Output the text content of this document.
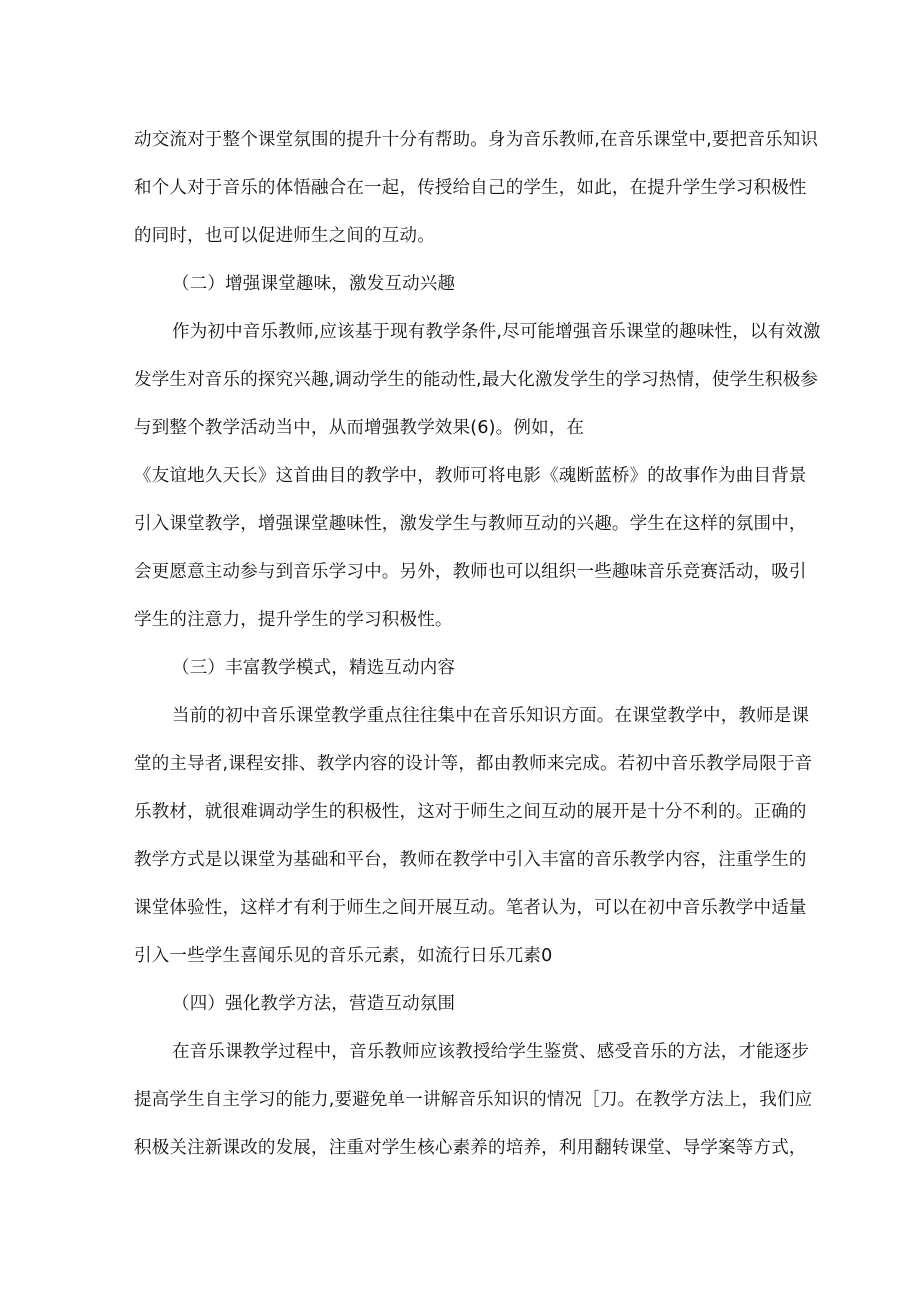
动交流对于整个课堂氛围的提升十分有帮助。身为音乐教师,在音乐课堂中,要把音乐知识
和个人对于音乐的体悟融合在一起，传授给自己的学生，如此，在提升学生学习积极性
的同时，也可以促进师生之间的互动。
（二）增强课堂趣味，激发互动兴趣
作为初中音乐教师,应该基于现有教学条件,尽可能增强音乐课堂的趣味性，以有效激
发学生对音乐的探究兴趣,调动学生的能动性,最大化激发学生的学习热情，使学生积极参
与到整个教学活动当中，从而增强教学效果(6)。例如，在
《友谊地久天长》这首曲目的教学中，教师可将电影《魂断蓝桥》的故事作为曲目背景
引入课堂教学，增强课堂趣味性，激发学生与教师互动的兴趣。学生在这样的氛围中，
会更愿意主动参与到音乐学习中。另外，教师也可以组织一些趣味音乐竞赛活动，吸引
学生的注意力，提升学生的学习积极性。
（三）丰富教学模式，精选互动内容
当前的初中音乐课堂教学重点往往集中在音乐知识方面。在课堂教学中，教师是课
堂的主导者,课程安排、教学内容的设计等，都由教师来完成。若初中音乐教学局限于音
乐教材，就很难调动学生的积极性，这对于师生之间互动的展开是十分不利的。正确的
教学方式是以课堂为基础和平台，教师在教学中引入丰富的音乐教学内容，注重学生的
课堂体验性，这样才有利于师生之间开展互动。笔者认为，可以在初中音乐教学中适量
引入一些学生喜闻乐见的音乐元素，如流行日乐兀素0
（四）强化教学方法，营造互动氛围
在音乐课教学过程中，音乐教师应该教授给学生鉴赏、感受音乐的方法，才能逐步
提高学生自主学习的能力,要避免单一讲解音乐知识的情况［刀。在教学方法上，我们应
积极关注新课改的发展，注重对学生核心素养的培养，利用翻转课堂、导学案等方式，
